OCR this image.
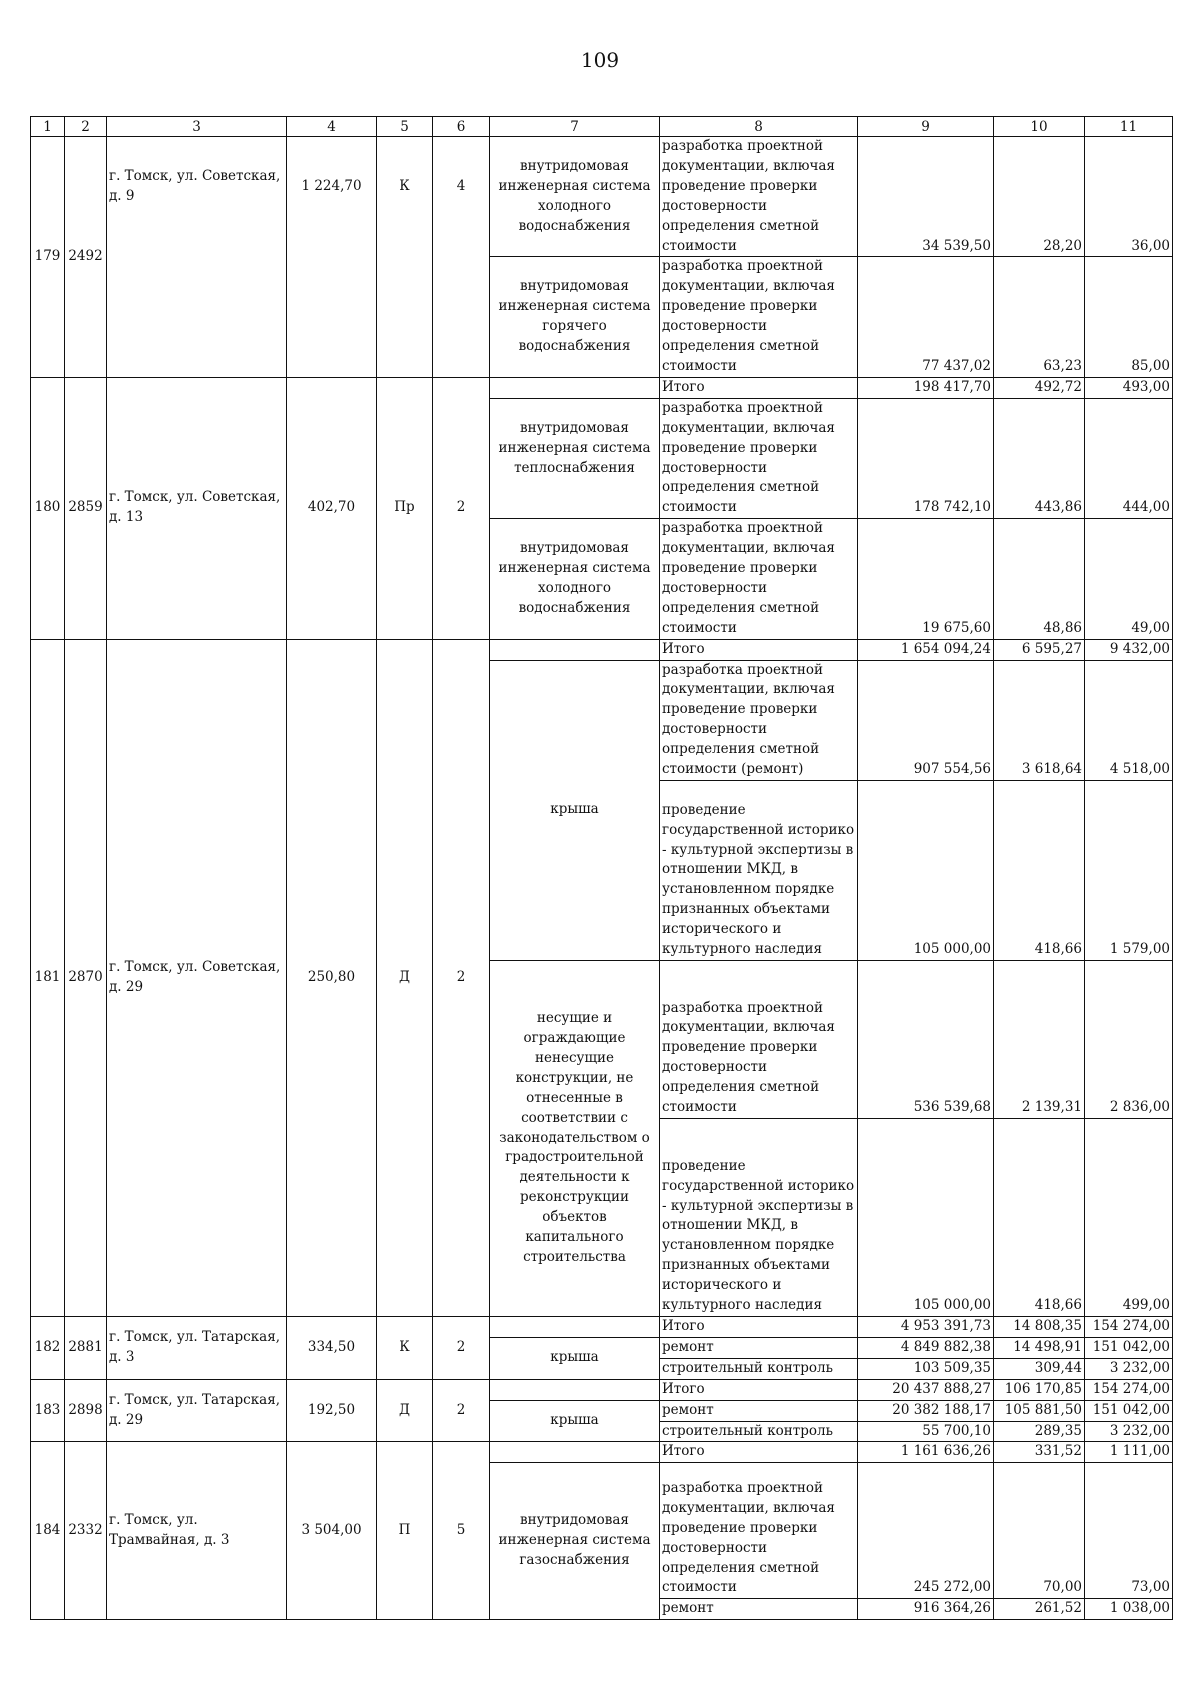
109
1	2	3	4	5	6	7	8	9	10	11
179	2492	г. Томск, ул. Советская, д. 9	1 224,70	К	4	внутридомовая инженерная система холодного водоснабжения	разработка проектной документации, включая проведение проверки достоверности определения сметной стоимости	34 539,50	28,20	36,00
						внутридомовая инженерная система горячего водоснабжения	разработка проектной документации, включая проведение проверки достоверности определения сметной стоимости	77 437,02	63,23	85,00
180	2859	г. Томск, ул. Советская, д. 13	402,70	Пр	2		Итого	198 417,70	492,72	493,00
						внутридомовая инженерная система теплоснабжения	разработка проектной документации, включая проведение проверки достоверности определения сметной стоимости	178 742,10	443,86	444,00
						внутридомовая инженерная система холодного водоснабжения	разработка проектной документации, включая проведение проверки достоверности определения сметной стоимости	19 675,60	48,86	49,00
181	2870	г. Томск, ул. Советская, д. 29	250,80	Д	2		Итого	1 654 094,24	6 595,27	9 432,00
						крыша	разработка проектной документации, включая проведение проверки достоверности определения сметной стоимости (ремонт)	907 554,56	3 618,64	4 518,00
							проведение государственной историко - культурной экспертизы в отношении МКД, в установленном порядке признанных объектами исторического и культурного наследия	105 000,00	418,66	1 579,00
						несущие и ограждающие ненесущие конструкции, не отнесенные в соответствии с законодательством о градостроительной деятельности к реконструкции объектов капитального строительства	разработка проектной документации, включая проведение проверки достоверности определения сметной стоимости	536 539,68	2 139,31	2 836,00
							проведение государственной историко - культурной экспертизы в отношении МКД, в установленном порядке признанных объектами исторического и культурного наследия	105 000,00	418,66	499,00
182	2881	г. Томск, ул. Татарская, д. 3	334,50	К	2		Итого	4 953 391,73	14 808,35	154 274,00
						крыша	ремонт	4 849 882,38	14 498,91	151 042,00
							строительный контроль	103 509,35	309,44	3 232,00
183	2898	г. Томск, ул. Татарская, д. 29	192,50	Д	2		Итого	20 437 888,27	106 170,85	154 274,00
						крыша	ремонт	20 382 188,17	105 881,50	151 042,00
							строительный контроль	55 700,10	289,35	3 232,00
184	2332	г. Томск, ул. Трамвайная, д. 3	3 504,00	П	5		Итого	1 161 636,26	331,52	1 111,00
						внутридомовая инженерная система газоснабжения	разработка проектной документации, включая проведение проверки достоверности определения сметной стоимости	245 272,00	70,00	73,00
							ремонт	916 364,26	261,52	1 038,00
